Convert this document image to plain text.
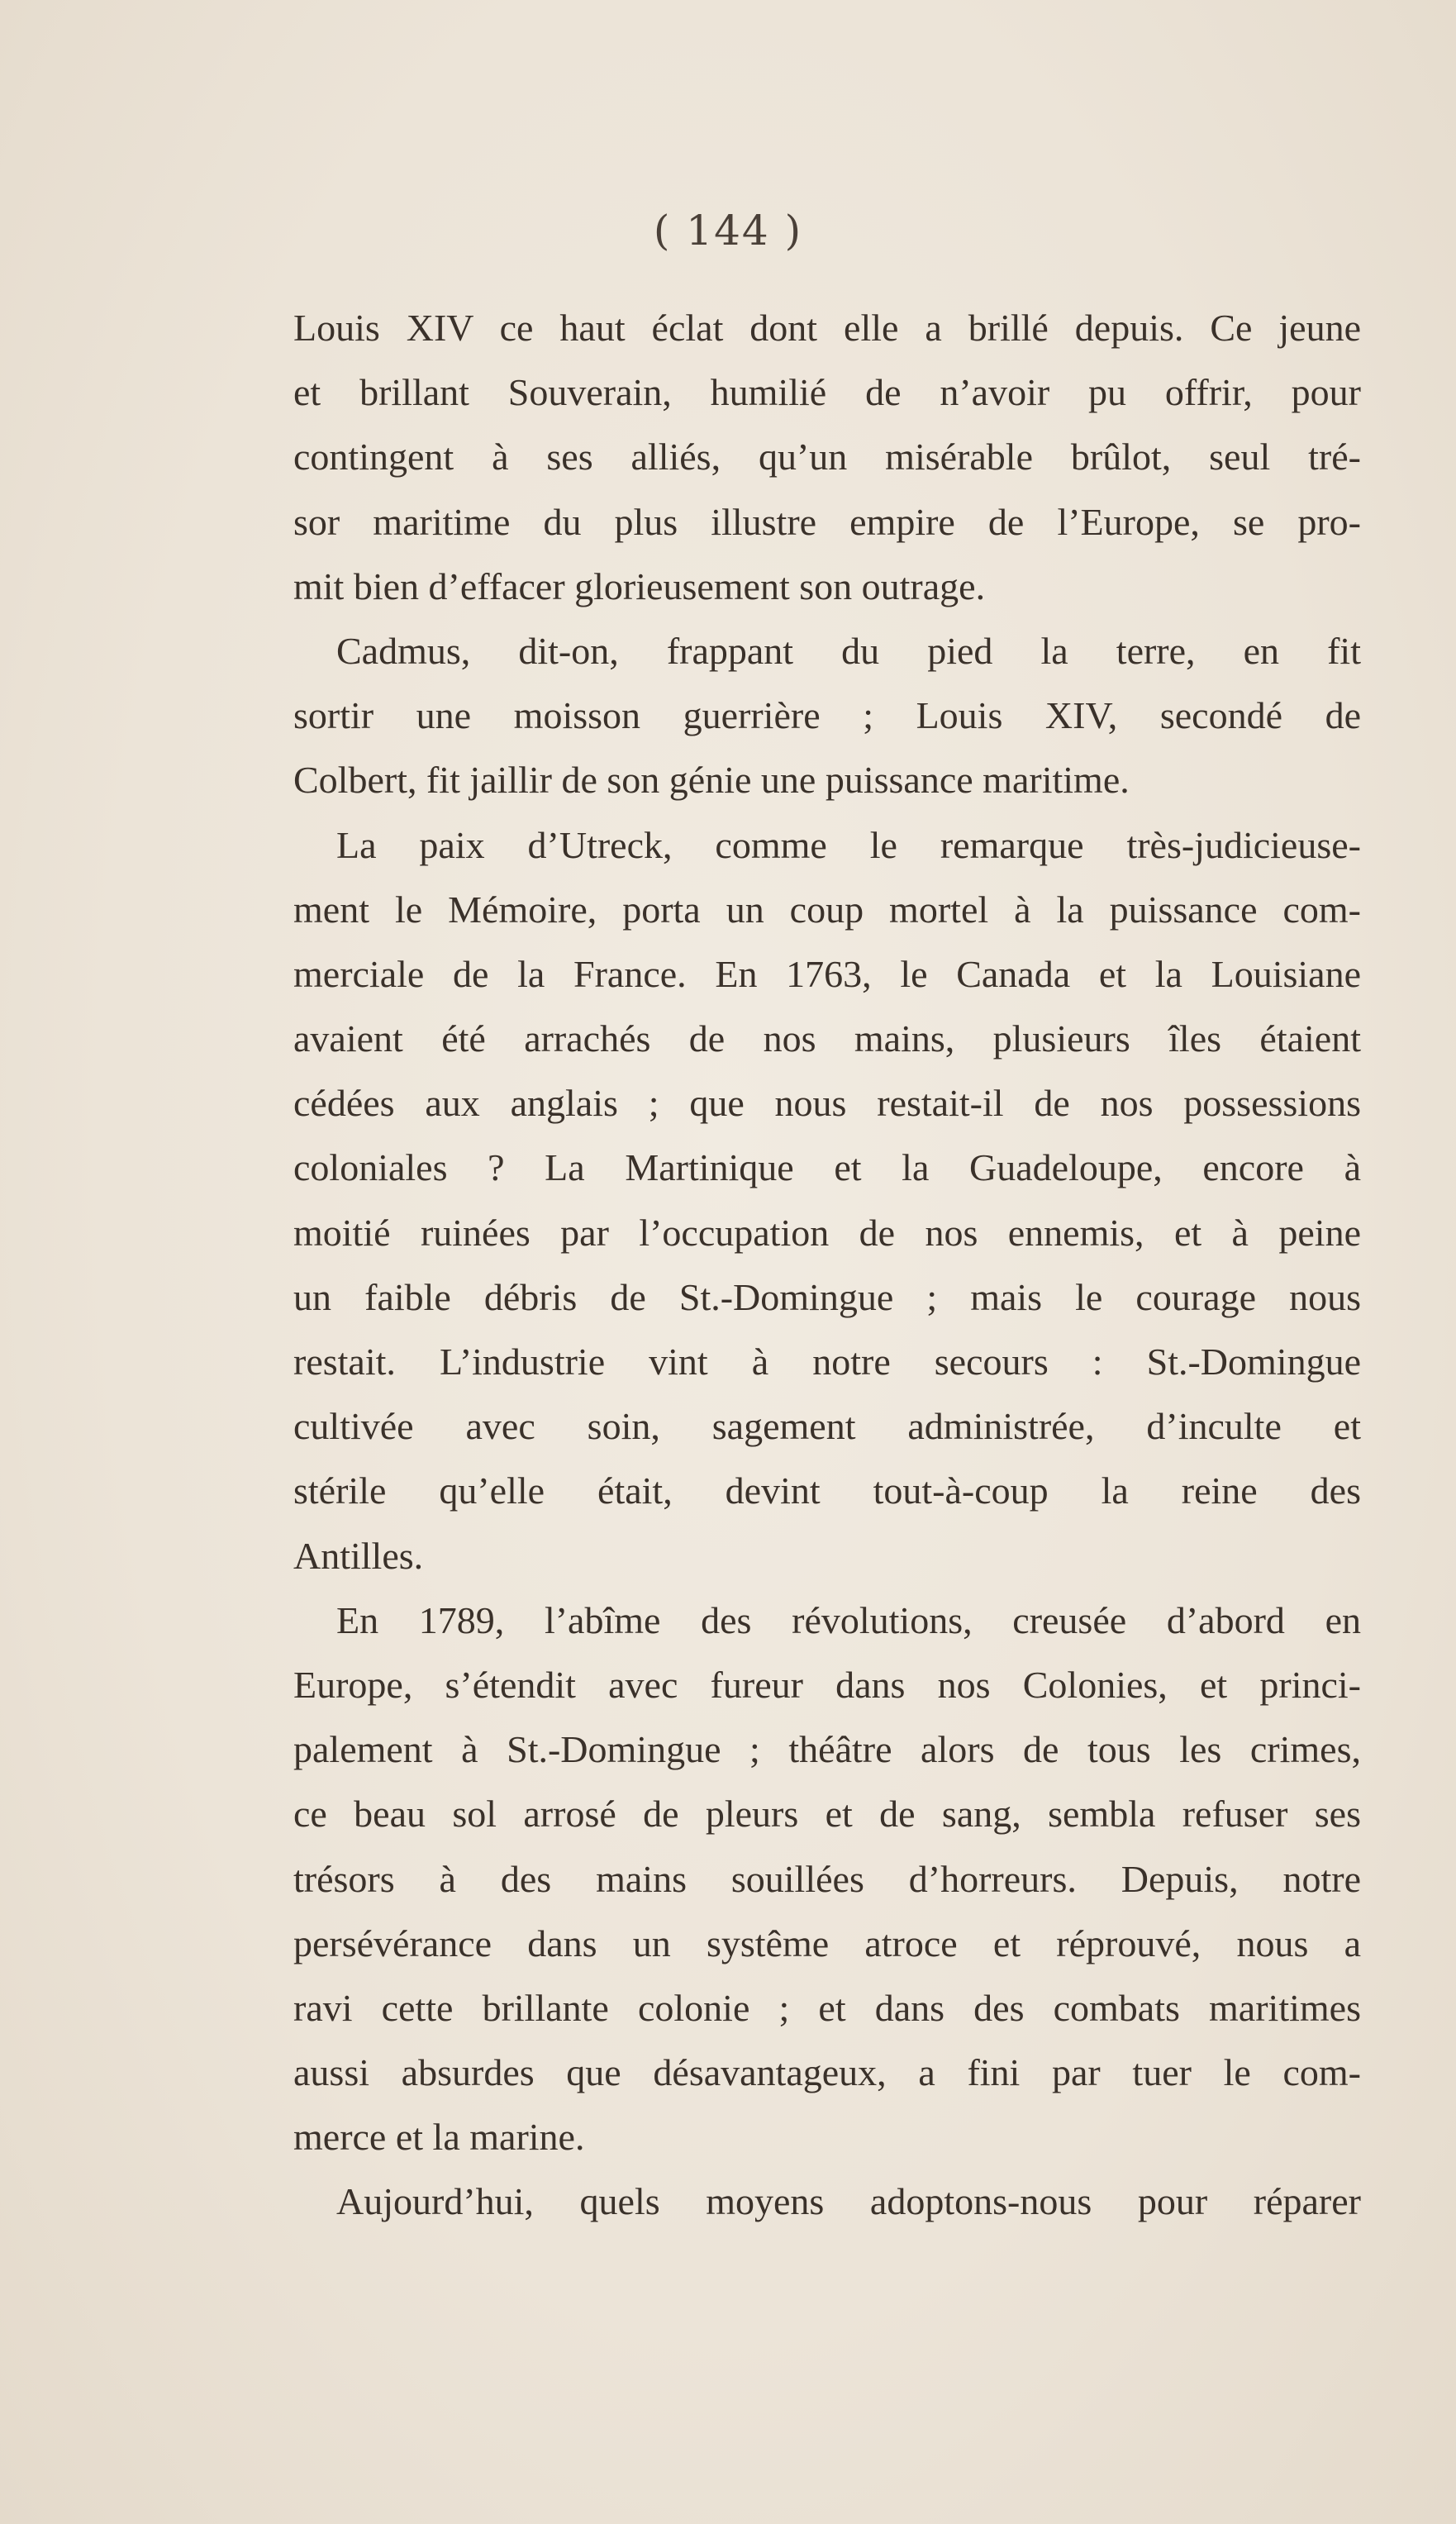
( 144 )
Louis XIV ce haut éclat dont elle a brillé depuis. Ce jeune
et brillant Souverain, humilié de n’avoir pu offrir, pour
contingent à ses alliés, qu’un misérable brûlot, seul tré-
sor maritime du plus illustre empire de l’Europe, se pro-
mit bien d’effacer glorieusement son outrage.
Cadmus, dit-on, frappant du pied la terre, en fit
sortir une moisson guerrière ; Louis XIV, secondé de
Colbert, fit jaillir de son génie une puissance maritime.
La paix d’Utreck, comme le remarque très-judicieuse-
ment le Mémoire, porta un coup mortel à la puissance com-
merciale de la France. En 1763, le Canada et la Louisiane
avaient été arrachés de nos mains, plusieurs îles étaient
cédées aux anglais ; que nous restait-il de nos possessions
coloniales ? La Martinique et la Guadeloupe, encore à
moitié ruinées par l’occupation de nos ennemis, et à peine
un faible débris de St.-Domingue ; mais le courage nous
restait. L’industrie vint à notre secours : St.-Domingue
cultivée avec soin, sagement administrée, d’inculte et
stérile qu’elle était, devint tout-à-coup la reine des
Antilles.
En 1789, l’abîme des révolutions, creusée d’abord en
Europe, s’étendit avec fureur dans nos Colonies, et princi-
palement à St.-Domingue ; théâtre alors de tous les crimes,
ce beau sol arrosé de pleurs et de sang, sembla refuser ses
trésors à des mains souillées d’horreurs. Depuis, notre
persévérance dans un systême atroce et réprouvé, nous a
ravi cette brillante colonie ; et dans des combats maritimes
aussi absurdes que désavantageux, a fini par tuer le com-
merce et la marine.
Aujourd’hui, quels moyens adoptons-nous pour réparer
